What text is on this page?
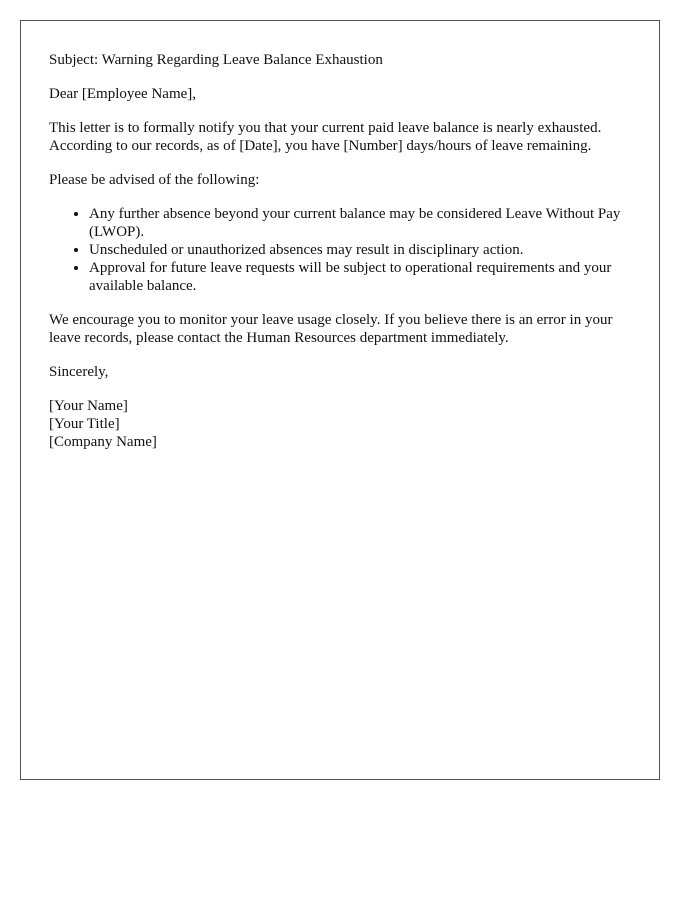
Subject: Warning Regarding Leave Balance Exhaustion

Dear [Employee Name],

This letter is to formally notify you that your current paid leave balance is nearly exhausted. According to our records, as of [Date], you have [Number] days/hours of leave remaining.

Please be advised of the following:

• Any further absence beyond your current balance may be considered Leave Without Pay (LWOP).
• Unscheduled or unauthorized absences may result in disciplinary action.
• Approval for future leave requests will be subject to operational requirements and your available balance.

We encourage you to monitor your leave usage closely. If you believe there is an error in your leave records, please contact the Human Resources department immediately.

Sincerely,

[Your Name]
[Your Title]
[Company Name]
